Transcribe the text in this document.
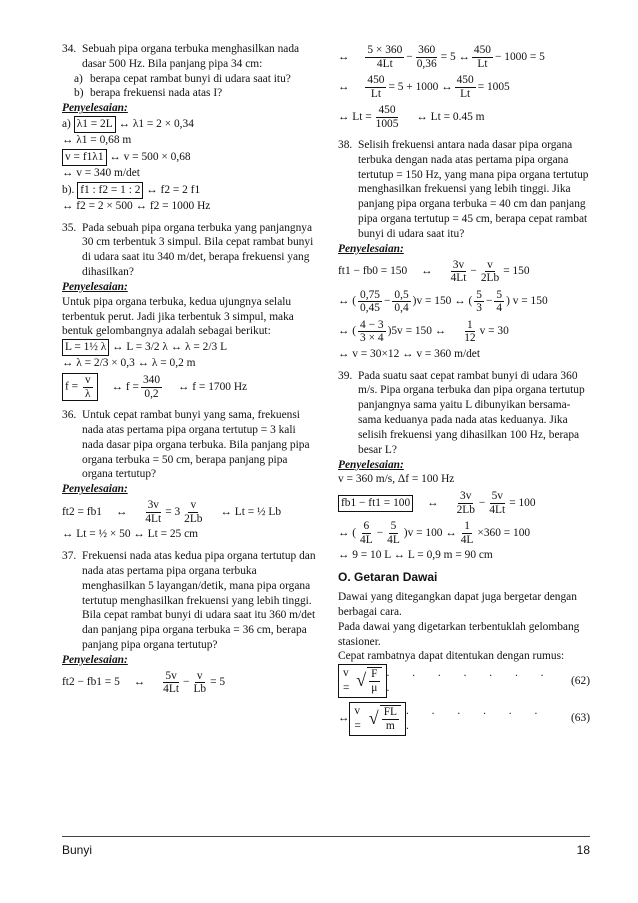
34. Sebuah pipa organa terbuka menghasilkan nada dasar 500 Hz. Bila panjang pipa 34 cm:
a) berapa cepat rambat bunyi di udara saat itu?
b) berapa frekuensi nada atas I?
Penyelesaian:
a) λ1 = 2L ↔ λ1 = 2 × 0,34
↔ λ1 = 0,68 m
v = f1λ1 ↔ v = 500 × 0,68
↔ v = 340 m/det
b). f1 : f2 = 1 : 2 ↔ f2 = 2 f1
↔ f2 = 2 × 500 ↔ f2 = 1000 Hz
35. Pada sebuah pipa organa terbuka yang panjangnya 30 cm terbentuk 3 simpul. Bila cepat rambat bunyi di udara saat itu 340 m/det, berapa frekuensi yang dihasilkan?
Penyelesaian:
Untuk pipa organa terbuka, kedua ujungnya selalu terbentuk perut. Jadi jika terbentuk 3 simpul, maka bentuk gelombangnya adalah sebagai berikut:
L = 1½ λ ↔ L = 3/2 λ ↔ λ = 2/3 L
↔ λ = 2/3 × 0,3 ↔ λ = 0,2 m
$f = \frac{v}{\lambda}$ ↔ $f = \frac{340}{0,2}$ ↔ f = 1700 Hz
36. Untuk cepat rambat bunyi yang sama, frekuensi nada atas pertama pipa organa tertutup = 3 kali nada dasar pipa organa terbuka. Bila panjang pipa organa terbuka = 50 cm, berapa panjang pipa organa tertutup?
Penyelesaian:
ft2 = fb1 ↔ $\frac{3v}{4Lt} = 3 \frac{v}{2Lb}$ ↔ Lt = ½ Lb
↔ Lt = ½ × 50 ↔ Lt = 25 cm
37. Frekuensi nada atas kedua pipa organa tertutup dan nada atas pertama pipa organa terbuka menghasilkan 5 layangan/detik, mana pipa organa tertutup menghasilkan frekuensi yang lebih tinggi. Bila cepat rambat bunyi di udara saat itu 360 m/det dan panjang pipa organa terbuka = 36 cm, berapa panjang pipa organa tertutup?
Penyelesaian:
ft2 − fb1 = 5 ↔ $\frac{5v}{4Lt} - \frac{v}{Lb} = 5$
↔ $\frac{5 \times 360}{4Lt} - \frac{360}{0,36} = 5$ ↔ $\frac{450}{Lt} - 1000 = 5$
↔ $\frac{450}{Lt} = 5 + 1000$ ↔ $\frac{450}{Lt} = 1005$
↔ $Lt = \frac{450}{1005}$ ↔ Lt = 0.45 m
38. Selisih frekuensi antara nada dasar pipa organa terbuka dengan nada atas pertama pipa organa tertutup = 150 Hz, yang mana pipa organa tertutup menghasilkan frekuensi yang lebih tinggi. Jika panjang pipa organa terbuka = 40 cm dan panjang pipa organa tertutup = 45 cm, berapa cepat rambat bunyi di udara saat itu?
Penyelesaian:
ft1 − fb0 = 150 ↔ $\frac{3v}{4Lt} - \frac{v}{2Lb} = 150$
↔ ( $\frac{0,75}{0,45} - \frac{0,5}{0,4} )v = 150$ ↔ ( $\frac{5}{3} - \frac{5}{4}$ ) v = 150
↔ ( $\frac{4 - 3}{3 \times 4} )5v = 150$ ↔ $\frac{1}{12}$ v = 30
↔ v = 30×12 ↔ v = 360 m/det
39. Pada suatu saat cepat rambat bunyi di udara 360 m/s. Pipa organa terbuka dan pipa organa tertutup panjangnya sama yaitu L dibunyikan bersama-sama keduanya pada nada atas keduanya. Jika selisih frekuensi yang dihasilkan 100 Hz, berapa besar L?
Penyelesaian:
v = 360 m/s, Δf = 100 Hz
fb1 − ft1 = 100 ↔ $\frac{3v}{2Lb} - \frac{5v}{4Lt} = 100$
↔ ( $\frac{6}{4L} - \frac{5}{4L} )v = 100$ ↔ $\frac{1}{4L} \times 360 = 100$
↔ 9 = 10 L ↔ L = 0,9 m = 90 cm
O. Getaran Dawai
Dawai yang ditegangkan dapat juga bergetar dengan berbagai cara.
Pada dawai yang digetarkan terbentuklah gelombang stasioner.
Cepat rambatnya dapat ditentukan dengan rumus:
v = √ $\frac{F}{\mu}$ . . . . . . . .
(62)
↔
v = √ $\frac{FL}{m}$ . . . . . . .
(63)
Bunyi	18
